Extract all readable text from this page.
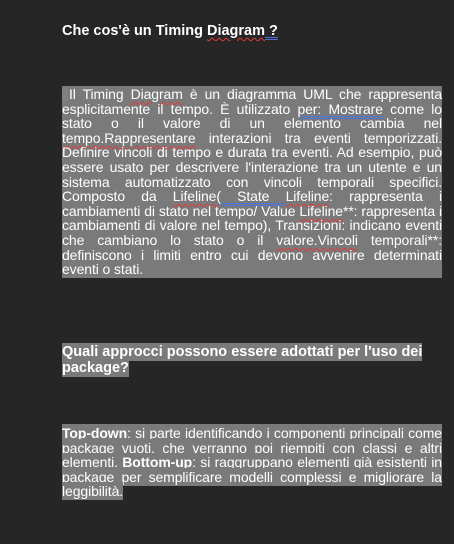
Che cos'è un Timing Diagram ?

Il Timing Diagram è un diagramma UML che rappresenta esplicitamente il tempo. È utilizzato per: Mostrare come lo stato o il valore di un elemento cambia nel tempo.Rappresentare interazioni tra eventi temporizzati. Definire vincoli di tempo e durata tra eventi. Ad esempio, può essere usato per descrivere l'interazione tra un utente e un sistema automatizzato con vincoli temporali specifici. Composto da Lifeline( State Lifeline: rappresenta i cambiamenti di stato nel tempo/ Value Lifeline**: rappresenta i cambiamenti di valore nel tempo), Transizioni: indicano eventi che cambiano lo stato o il valore.Vincoli temporali**: definiscono i limiti entro cui devono avvenire determinati eventi o stati.

Quali approcci possono essere adottati per l'uso dei package?

Top-down: si parte identificando i componenti principali come package vuoti, che verranno poi riempiti con classi e altri elementi. Bottom-up: si raggruppano elementi già esistenti in package per semplificare modelli complessi e migliorare la leggibilità.
